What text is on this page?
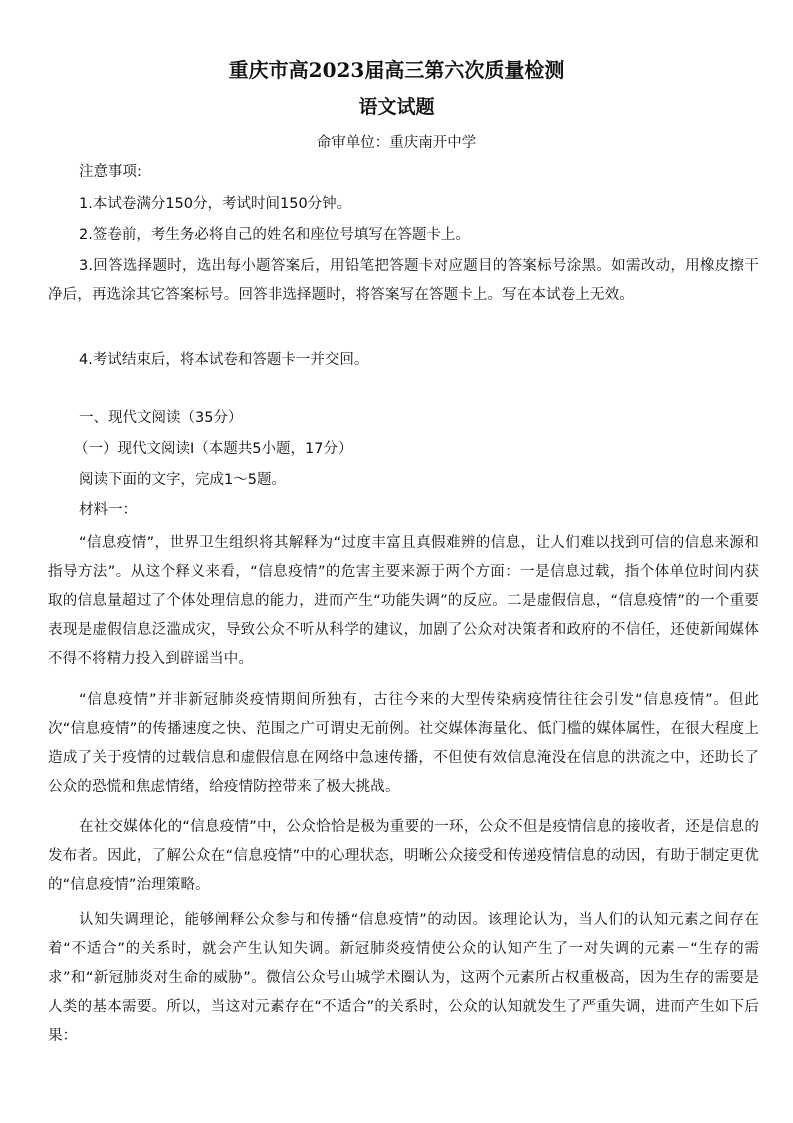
重庆市高2023届高三第六次质量检测
语文试题
命审单位：重庆南开中学
注意事项:
1.本试卷满分150分，考试时间150分钟。
2.签卷前，考生务必将自己的姓名和座位号填写在答题卡上。
3.回答选择题时，选出每小题答案后，用铅笔把答题卡对应题目的答案标号涂黑。如需改动，用橡皮擦干净后，再选涂其它答案标号。回答非选择题时，将答案写在答题卡上。写在本试卷上无效。
4.考试结束后，将本试卷和答题卡一并交回。
一、现代文阅读（35分）
（一）现代文阅读Ⅰ（本题共5小题，17分）
阅读下面的文字，完成1～5题。
材料一：
“信息疫情”，世界卫生组织将其解释为“过度丰富且真假难辨的信息，让人们难以找到可信的信息来源和指导方法”。从这个释义来看，“信息疫情”的危害主要来源于两个方面：一是信息过载，指个体单位时间内获取的信息量超过了个体处理信息的能力，进而产生“功能失调”的反应。二是虚假信息，“信息疫情”的一个重要表现是虚假信息泛滥成灾，导致公众不听从科学的建议，加剧了公众对决策者和政府的不信任，还使新闻媒体不得不将精力投入到辟谣当中。
“信息疫情”并非新冠肺炎疫情期间所独有，古往今来的大型传染病疫情往往会引发“信息疫情”。但此次“信息疫情”的传播速度之快、范围之广可谓史无前例。社交媒体海量化、低门槛的媒体属性，在很大程度上造成了关于疫情的过载信息和虚假信息在网络中急速传播，不但使有效信息淹没在信息的洪流之中，还助长了公众的恐慌和焦虑情绪，给疫情防控带来了极大挑战。
在社交媒体化的“信息疫情”中，公众恰恰是极为重要的一环，公众不但是疫情信息的接收者，还是信息的发布者。因此，了解公众在“信息疫情”中的心理状态，明晰公众接受和传递疫情信息的动因，有助于制定更优的“信息疫情”治理策略。
认知失调理论，能够阐释公众参与和传播“信息疫情”的动因。该理论认为，当人们的认知元素之间存在着“不适合”的关系时，就会产生认知失调。新冠肺炎疫情使公众的认知产生了一对失调的元素－“生存的需求”和“新冠肺炎对生命的威胁”。微信公众号山城学术圈认为，这两个元素所占权重极高，因为生存的需要是人类的基本需要。所以，当这对元素存在“不适合”的关系时，公众的认知就发生了严重失调，进而产生如下后果：
